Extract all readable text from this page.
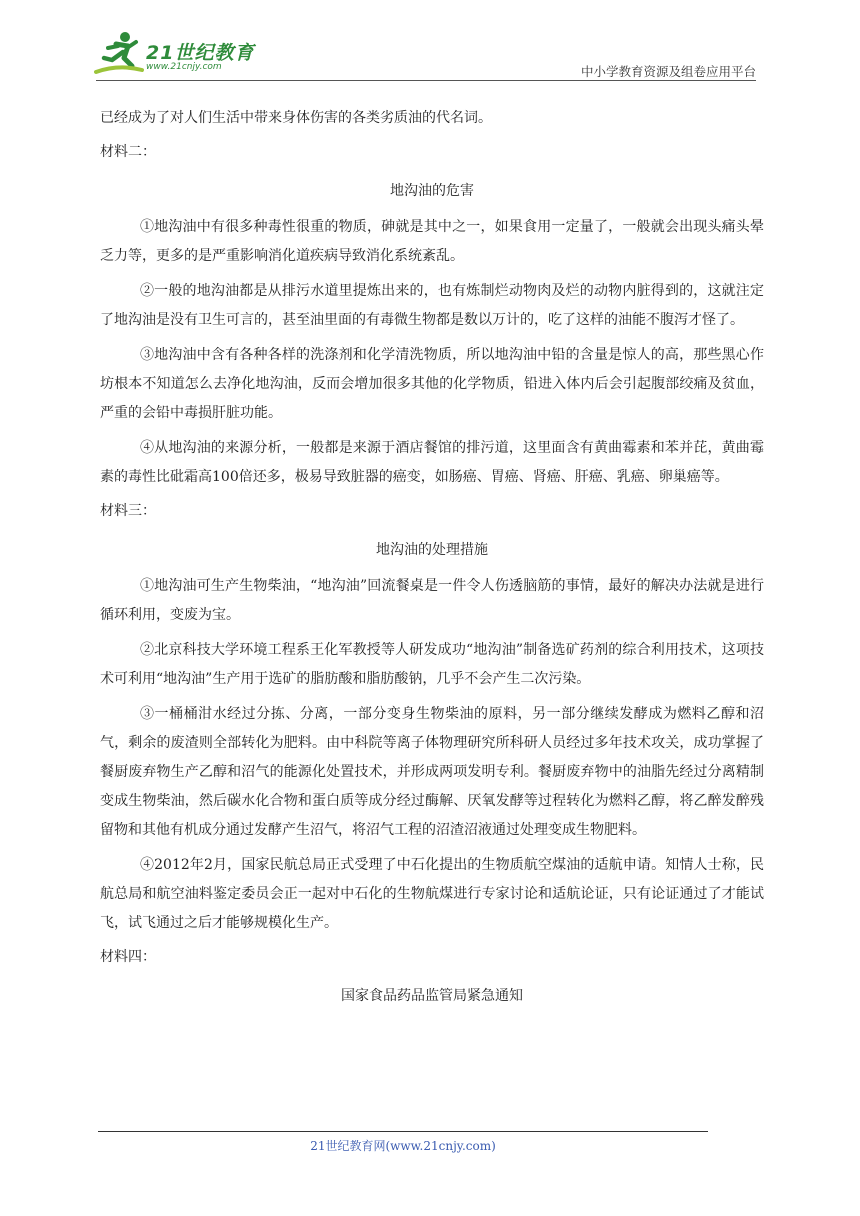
21世纪教育
www.21cnjy.com	中小学教育资源及组卷应用平台
已经成为了对人们生活中带来身体伤害的各类劣质油的代名词。
材料二：
地沟油的危害

①地沟油中有很多种毒性很重的物质，砷就是其中之一，如果食用一定量了，一般就会出现头痛头晕乏力等，更多的是严重影响消化道疾病导致消化系统紊乱。

②一般的地沟油都是从排污水道里提炼出来的，也有炼制烂动物肉及烂的动物内脏得到的，这就注定了地沟油是没有卫生可言的，甚至油里面的有毒微生物都是数以万计的，吃了这样的油能不腹泻才怪了。

③地沟油中含有各种各样的洗涤剂和化学清洗物质，所以地沟油中铅的含量是惊人的高，那些黑心作坊根本不知道怎么去净化地沟油，反而会增加很多其他的化学物质，铅进入体内后会引起腹部绞痛及贫血，严重的会铅中毒损肝脏功能。

④从地沟油的来源分析，一般都是来源于酒店餐馆的排污道，这里面含有黄曲霉素和苯并芘，黄曲霉素的毒性比砒霜高100倍还多，极易导致脏器的癌变，如肠癌、胃癌、肾癌、肝癌、乳癌、卵巢癌等。

材料三：
地沟油的处理措施

①地沟油可生产生物柴油，“地沟油”回流餐桌是一件令人伤透脑筋的事情，最好的解决办法就是进行循环利用，变废为宝。

②北京科技大学环境工程系王化军教授等人研发成功“地沟油”制备选矿药剂的综合利用技术，这项技术可利用“地沟油”生产用于选矿的脂肪酸和脂肪酸钠，几乎不会产生二次污染。

③一桶桶泔水经过分拣、分离，一部分变身生物柴油的原料，另一部分继续发酵成为燃料乙醇和沼气，剩余的废渣则全部转化为肥料。由中科院等离子体物理研究所科研人员经过多年技术攻关，成功掌握了餐厨废弃物生产乙醇和沼气的能源化处置技术，并形成两项发明专利。餐厨废弃物中的油脂先经过分离精制变成生物柴油，然后碳水化合物和蛋白质等成分经过酶解、厌氧发酵等过程转化为燃料乙醇，将乙醉发醉残留物和其他有机成分通过发酵产生沼气，将沼气工程的沼渣沼液通过处理变成生物肥料。

④2012年2月，国家民航总局正式受理了中石化提出的生物质航空煤油的适航申请。知情人士称，民航总局和航空油料鉴定委员会正一起对中石化的生物航煤进行专家讨论和适航论证，只有论证通过了才能试飞，试飞通过之后才能够规模化生产。

材料四：
国家食品药品监管局紧急通知
21世纪教育网(www.21cnjy.com)
